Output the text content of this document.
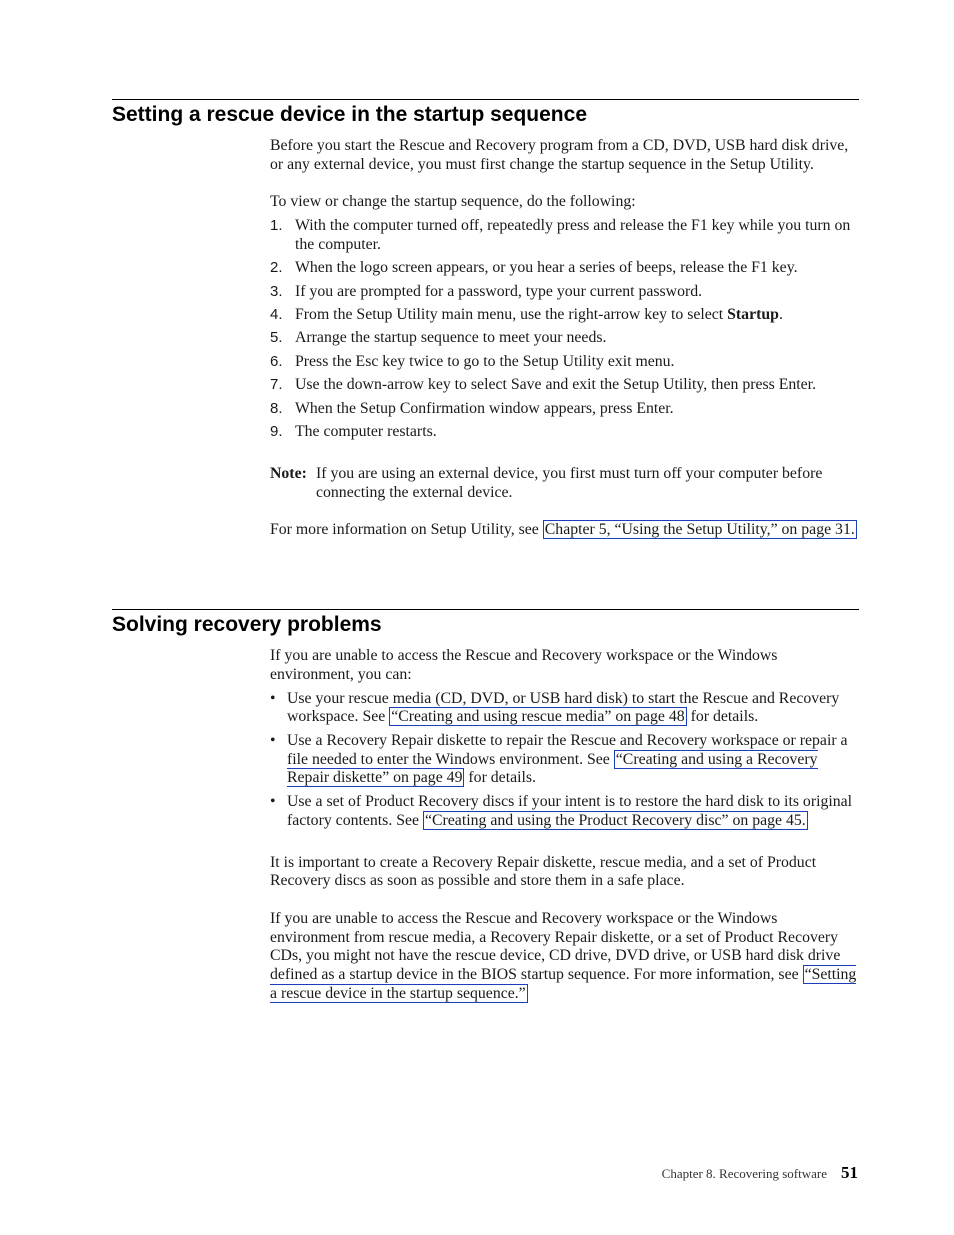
Setting a rescue device in the startup sequence

Before you start the Rescue and Recovery program from a CD, DVD, USB hard disk drive, or any external device, you must first change the startup sequence in the Setup Utility.

To view or change the startup sequence, do the following:

1. With the computer turned off, repeatedly press and release the F1 key while you turn on the computer.
2. When the logo screen appears, or you hear a series of beeps, release the F1 key.
3. If you are prompted for a password, type your current password.
4. From the Setup Utility main menu, use the right-arrow key to select Startup.
5. Arrange the startup sequence to meet your needs.
6. Press the Esc key twice to go to the Setup Utility exit menu.
7. Use the down-arrow key to select Save and exit the Setup Utility, then press Enter.
8. When the Setup Confirmation window appears, press Enter.
9. The computer restarts.
Note: If you are using an external device, you first must turn off your computer before connecting the external device.

For more information on Setup Utility, see Chapter 5, “Using the Setup Utility,” on page 31.

Solving recovery problems

If you are unable to access the Rescue and Recovery workspace or the Windows environment, you can:

• Use your rescue media (CD, DVD, or USB hard disk) to start the Rescue and Recovery workspace. See “Creating and using rescue media” on page 48 for details.
• Use a Recovery Repair diskette to repair the Rescue and Recovery workspace or repair a file needed to enter the Windows environment. See “Creating and using a Recovery Repair diskette” on page 49 for details.
• Use a set of Product Recovery discs if your intent is to restore the hard disk to its original factory contents. See “Creating and using the Product Recovery disc” on page 45.

It is important to create a Recovery Repair diskette, rescue media, and a set of Product Recovery discs as soon as possible and store them in a safe place.

If you are unable to access the Rescue and Recovery workspace or the Windows environment from rescue media, a Recovery Repair diskette, or a set of Product Recovery CDs, you might not have the rescue device, CD drive, DVD drive, or USB hard disk drive defined as a startup device in the BIOS startup sequence. For more information, see “Setting a rescue device in the startup sequence.”

Chapter 8. Recovering software 51
